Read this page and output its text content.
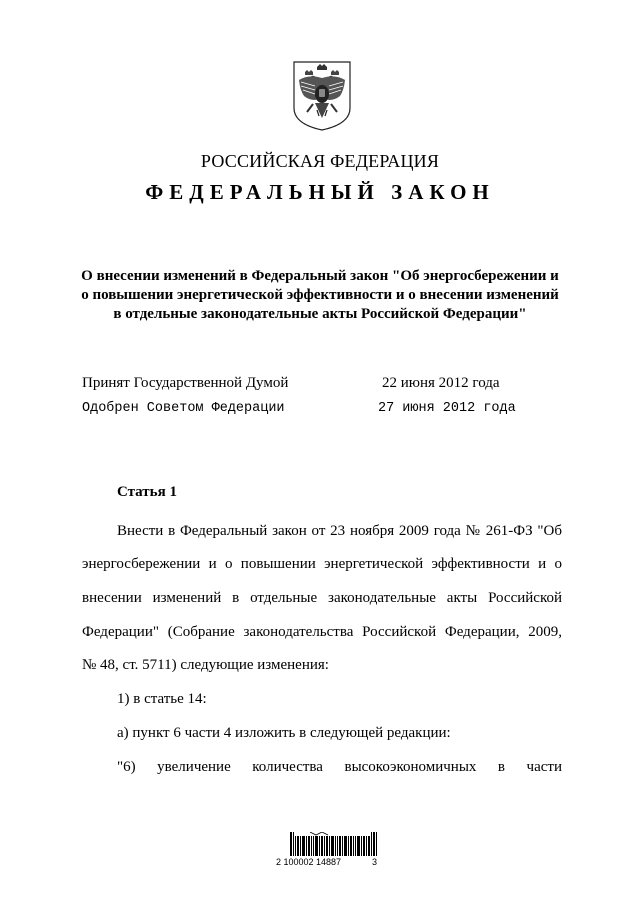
РОССИЙСКАЯ ФЕДЕРАЦИЯ
ФЕДЕРАЛЬНЫЙ ЗАКОН
О внесении изменений в Федеральный закон "Об энергосбережении и
о повышении энергетической эффективности и о внесении изменений
в отдельные законодательные акты Российской Федерации"
Принят Государственной Думой	22 июня 2012 года
Одобрен Советом Федерации	27 июня 2012 года
Статья 1
Внести в Федеральный закон от 23 ноября 2009 года № 261-ФЗ "Об
энергосбережении и о повышении энергетической эффективности и о
внесении изменений в отдельные законодательные акты Российской
Федерации" (Собрание законодательства Российской Федерации, 2009,
№ 48, ст. 5711) следующие изменения:
1) в статье 14:
а) пункт 6 части 4 изложить в следующей редакции:
"6) увеличение количества высокоэкономичных в части
2 100002 14887	3
